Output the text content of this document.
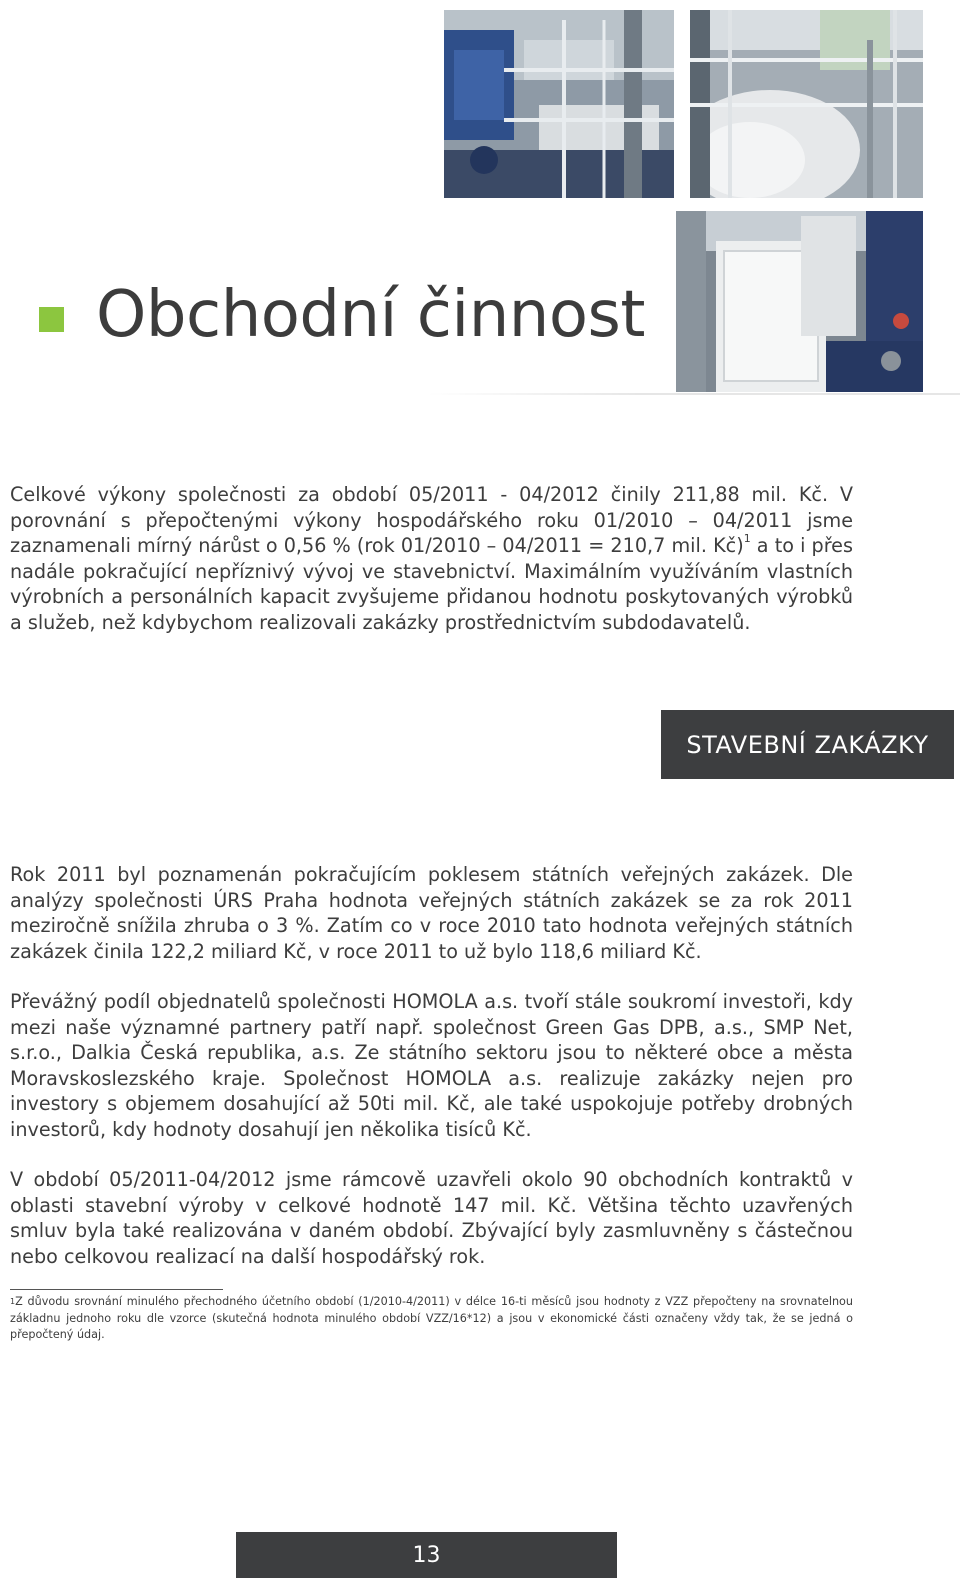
Obchodní činnost

Celkové výkony společnosti za období 05/2011 - 04/2012 činily 211,88 mil. Kč. V porovnání s přepočtenými výkony hospodářského roku 01/2010 – 04/2011 jsme zaznamenali mírný nárůst o 0,56 % (rok 01/2010 – 04/2011 = 210,7 mil. Kč)$^1$ a to i přes nadále pokračující nepříznivý vývoj ve stavebnictví. Maximálním využíváním vlastních výrobních a personálních kapacit zvyšujeme přidanou hodnotu poskytovaných výrobků a služeb, než kdybychom realizovali zakázky prostřednictvím subdodavatelů.

STAVEBNÍ ZAKÁZKY

Rok 2011 byl poznamenán pokračujícím poklesem státních veřejných zakázek. Dle analýzy společnosti ÚRS Praha hodnota veřejných státních zakázek se za rok 2011 meziročně snížila zhruba o 3 %. Zatím co v roce 2010 tato hodnota veřejných státních zakázek činila 122,2 miliard Kč, v roce 2011 to už bylo 118,6 miliard Kč.

Převážný podíl objednatelů společnosti HOMOLA a.s. tvoří stále soukromí investoři, kdy mezi naše významné partnery patří např. společnost Green Gas DPB, a.s., SMP Net, s.r.o., Dalkia Česká republika, a.s. Ze státního sektoru jsou to některé obce a města Moravskoslezského kraje. Společnost HOMOLA a.s. realizuje zakázky nejen pro investory s objemem dosahující až 50ti mil. Kč, ale také uspokojuje potřeby drobných investorů, kdy hodnoty dosahují jen několika tisíců Kč.

V období 05/2011-04/2012 jsme rámcově uzavřeli okolo 90 obchodních kontraktů v oblasti stavební výroby v celkové hodnotě 147 mil. Kč. Většina těchto uzavřených smluv byla také realizována v daném období. Zbývající byly zasmluvněny s částečnou nebo celkovou realizací na další hospodářský rok.

$^1$Z důvodu srovnání minulého přechodného účetního období (1/2010-4/2011) v délce 16-ti měsíců jsou hodnoty z VZZ přepočteny na srovnatelnou základnu jednoho roku dle vzorce (skutečná hodnota minulého období VZZ/16*12) a jsou v ekonomické části označeny vždy tak, že se jedná o přepočtený údaj.

13
